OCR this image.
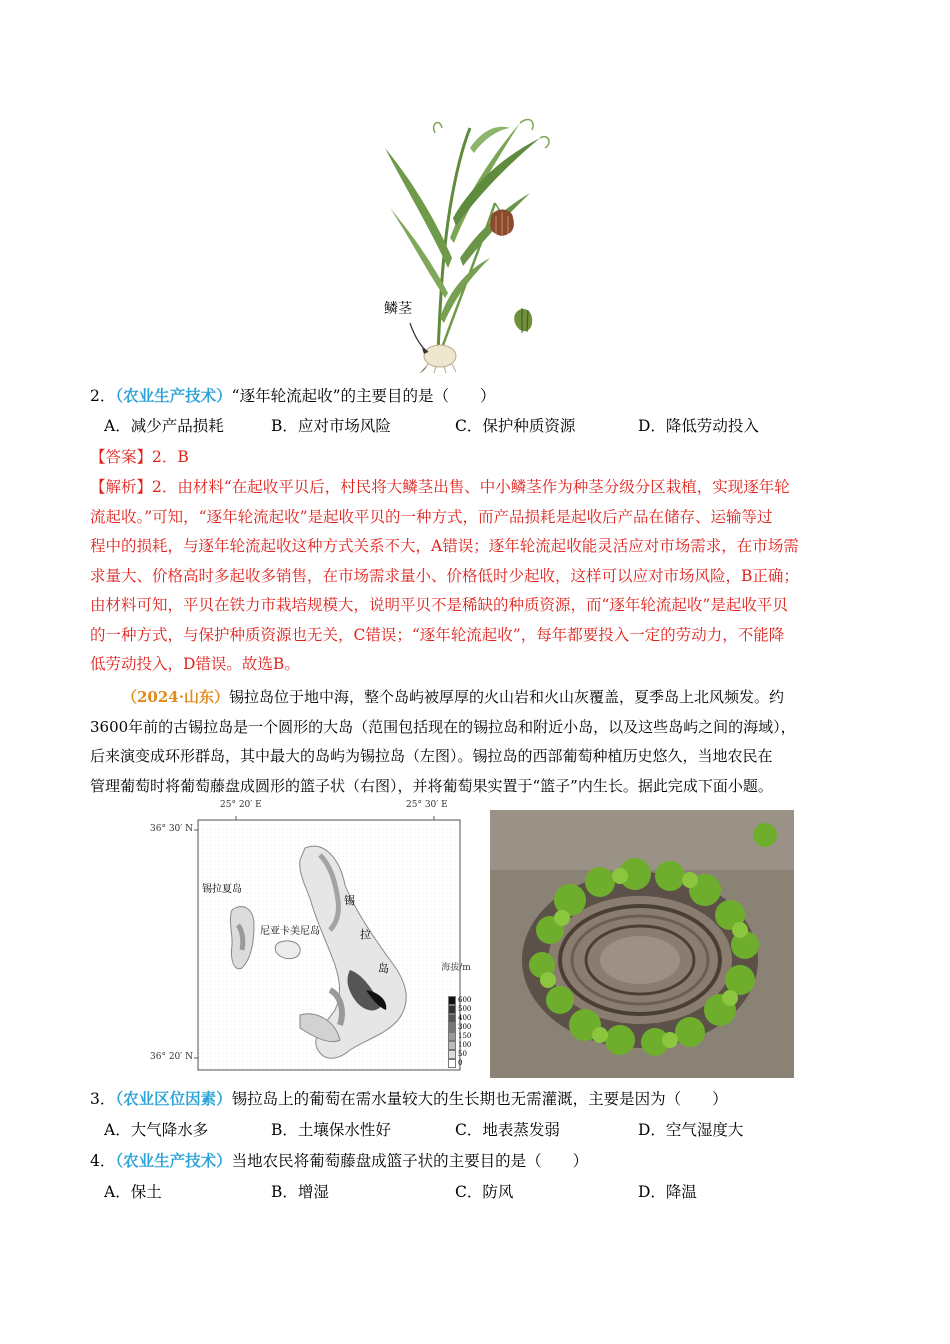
鳞茎
2．（农业生产技术）“逐年轮流起收”的主要目的是（　　）
A．减少产品损耗	B．应对市场风险	C．保护种质资源	D．降低劳动投入
【答案】2．B

【解析】2．由材料“在起收平贝后，村民将大鳞茎出售、中小鳞茎作为种茎分级分区栽植，实现逐年轮

流起收。”可知，“逐年轮流起收”是起收平贝的一种方式，而产品损耗是起收后产品在储存、运输等过

程中的损耗，与逐年轮流起收这种方式关系不大，A错误；逐年轮流起收能灵活应对市场需求，在市场需

求量大、价格高时多起收多销售，在市场需求量小、价格低时少起收，这样可以应对市场风险，B正确；

由材料可知，平贝在铁力市栽培规模大，说明平贝不是稀缺的种质资源，而“逐年轮流起收”是起收平贝

的一种方式，与保护种质资源也无关，C错误；“逐年轮流起收”，每年都要投入一定的劳动力，不能降

低劳动投入，D错误。故选B。

（2024·山东）锡拉岛位于地中海，整个岛屿被厚厚的火山岩和火山灰覆盖，夏季岛上北风频发。约

3600年前的古锡拉岛是一个圆形的大岛（范围包括现在的锡拉岛和附近小岛，以及这些岛屿之间的海域），

后来演变成环形群岛，其中最大的岛屿为锡拉岛（左图）。锡拉岛的西部葡萄种植历史悠久，当地农民在

管理葡萄时将葡萄藤盘成圆形的篮子状（右图），并将葡萄果实置于“篮子”内生长。据此完成下面小题。

海拔/m
25° 20′ E	25° 30′ E
36° 30′ N
36° 20′ N
锡拉夏岛
尼亚卡美尼岛
锡
拉
岛
600
500
400
300
150
100
50
0
3．（农业区位因素）锡拉岛上的葡萄在需水量较大的生长期也无需灌溉，主要是因为（　　）
A．大气降水多	B．土壤保水性好	C．地表蒸发弱	D．空气湿度大
4．（农业生产技术）当地农民将葡萄藤盘成篮子状的主要目的是（　　）
A．保土	B．增湿	C．防风	D．降温
